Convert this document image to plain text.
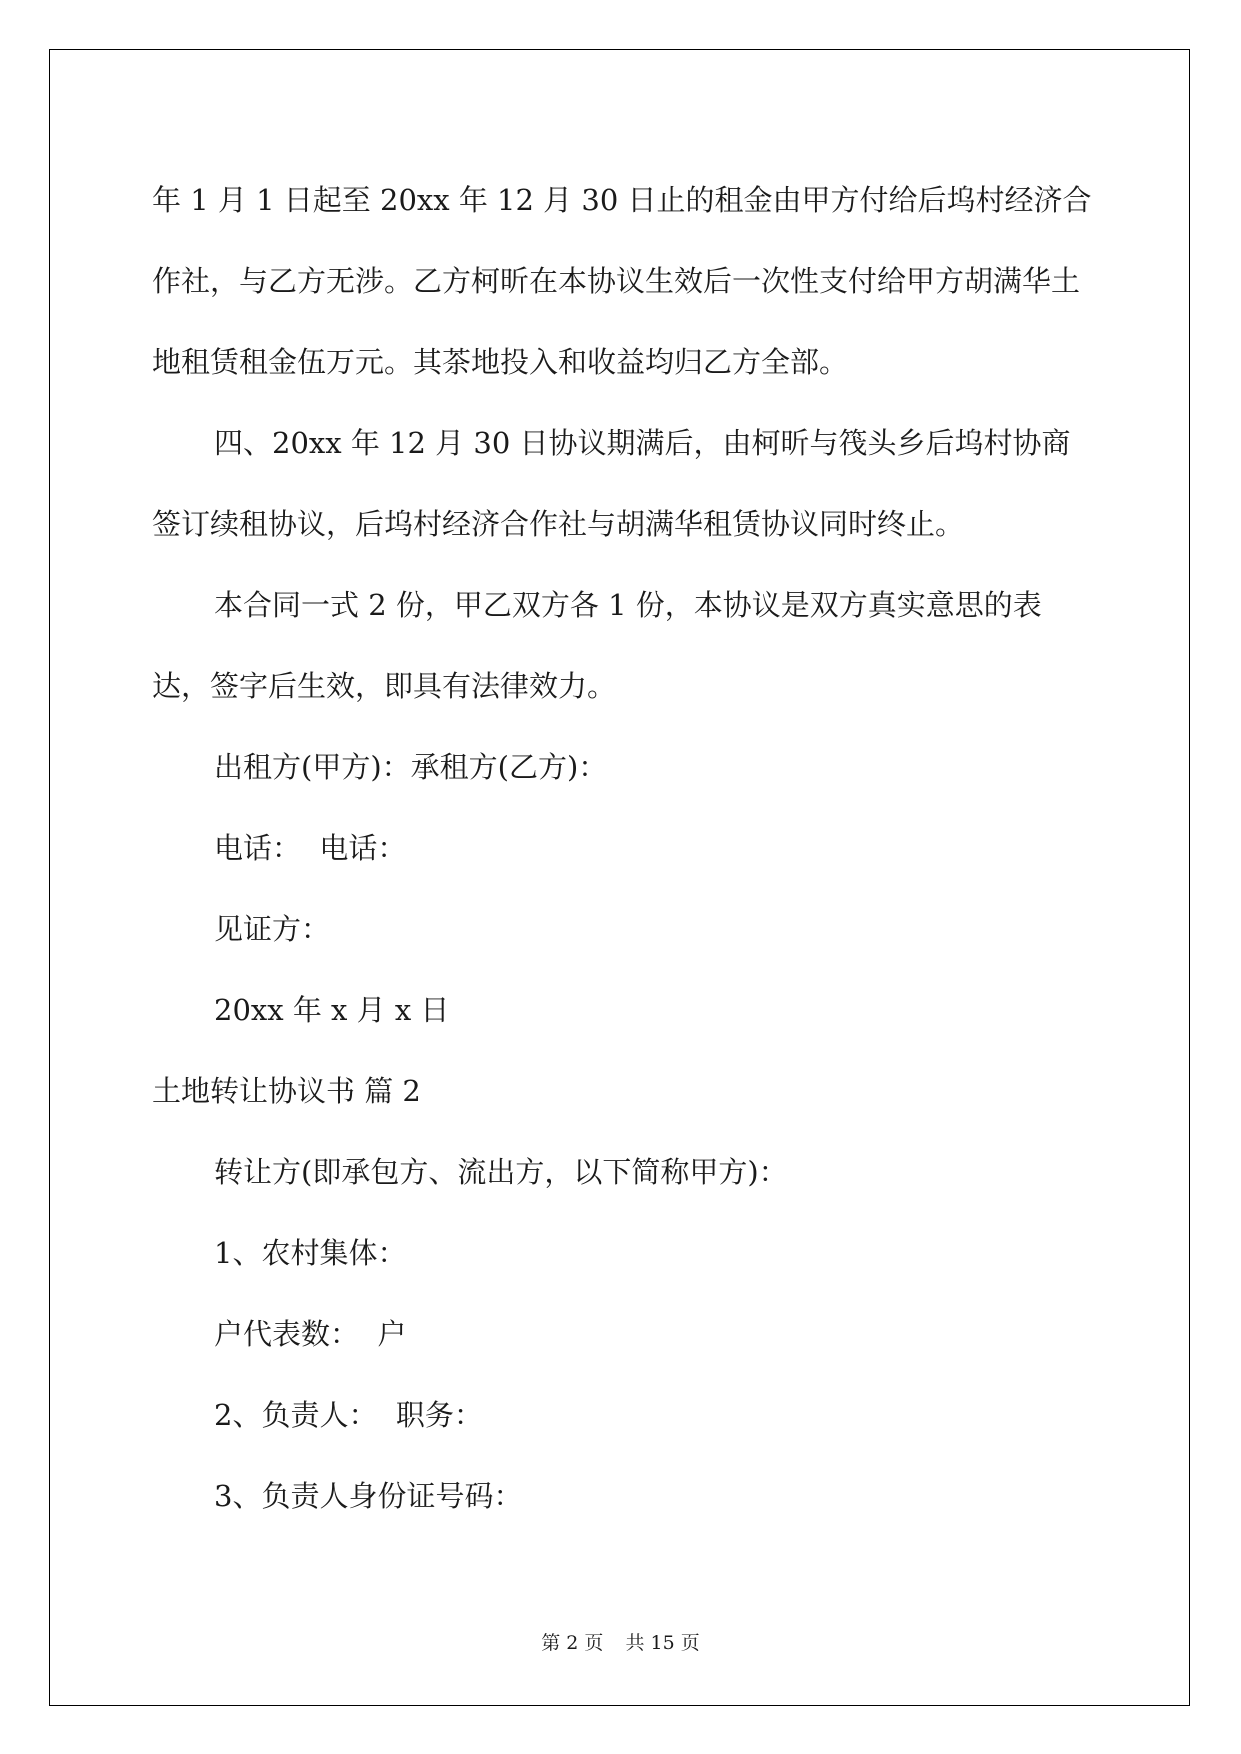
年 1 月 1 日起至 20xx 年 12 月 30 日止的租金由甲方付给后坞村经济合作社，与乙方无涉。乙方柯昕在本协议生效后一次性支付给甲方胡满华土地租赁租金伍万元。其茶地投入和收益均归乙方全部。

四、20xx 年 12 月 30 日协议期满后，由柯昕与筏头乡后坞村协商签订续租协议，后坞村经济合作社与胡满华租赁协议同时终止。

本合同一式 2 份，甲乙双方各 1 份，本协议是双方真实意思的表达，签字后生效，即具有法律效力。

出租方(甲方)：承租方(乙方)：

电话：  电话：

见证方：

20xx 年 x 月 x 日

土地转让协议书 篇 2

转让方(即承包方、流出方，以下简称甲方)：

1、农村集体：

户代表数：  户

2、负责人：  职务：

3、负责人身份证号码：

第 2 页 共 15 页
